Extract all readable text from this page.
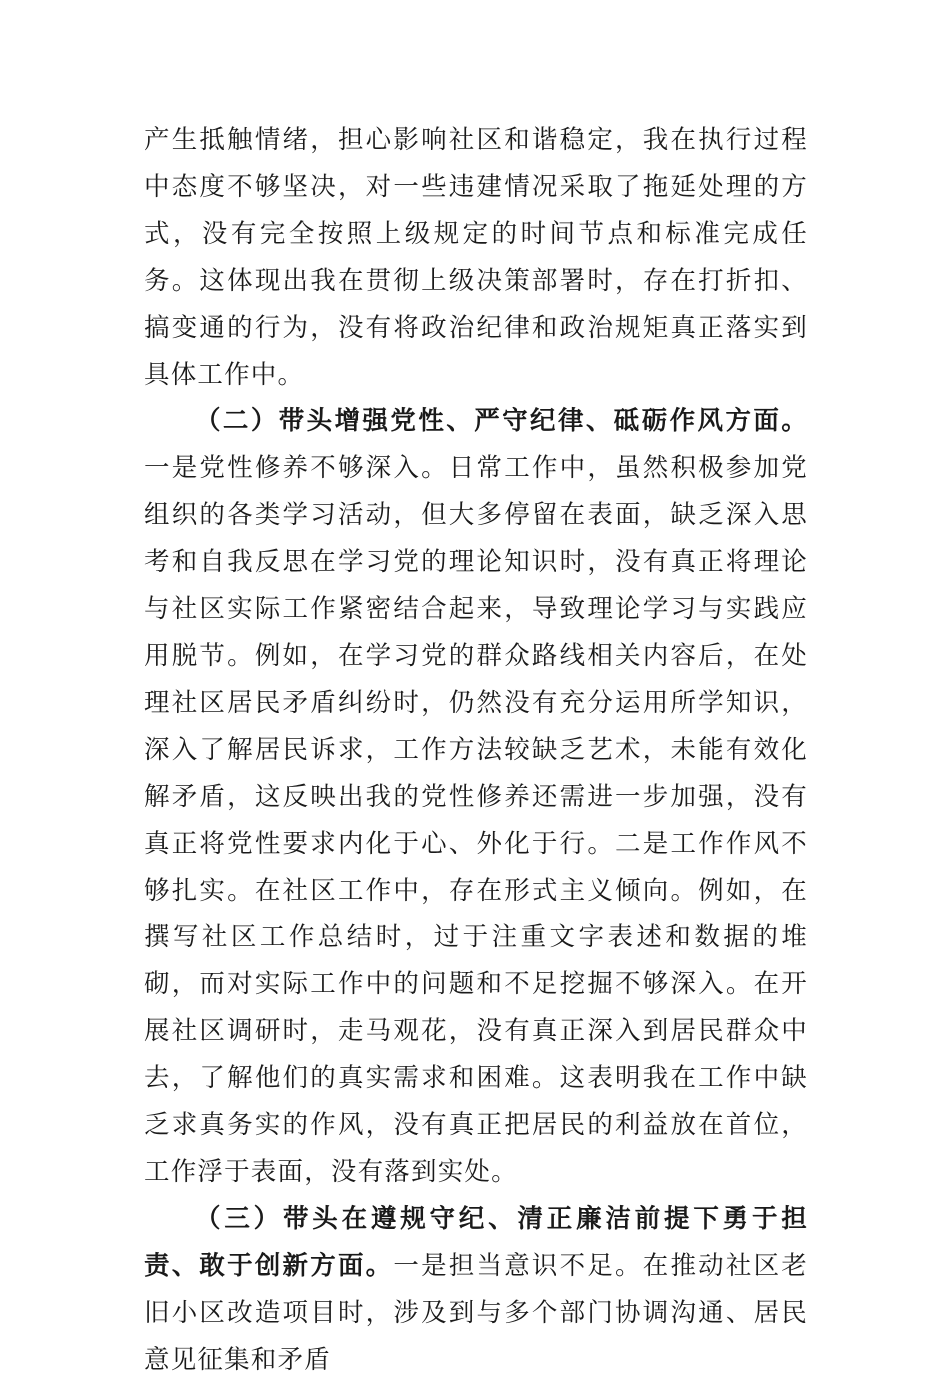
产生抵触情绪，担心影响社区和谐稳定，我在执行过程中态度不够坚决，对一些违建情况采取了拖延处理的方式，没有完全按照上级规定的时间节点和标准完成任务。这体现出我在贯彻上级决策部署时，存在打折扣、搞变通的行为，没有将政治纪律和政治规矩真正落实到具体工作中。

（二）带头增强党性、严守纪律、砥砺作风方面。一是党性修养不够深入。日常工作中，虽然积极参加党组织的各类学习活动，但大多停留在表面，缺乏深入思考和自我反思在学习党的理论知识时，没有真正将理论与社区实际工作紧密结合起来，导致理论学习与实践应用脱节。例如，在学习党的群众路线相关内容后，在处理社区居民矛盾纠纷时，仍然没有充分运用所学知识，深入了解居民诉求，工作方法较缺乏艺术，未能有效化解矛盾，这反映出我的党性修养还需进一步加强，没有真正将党性要求内化于心、外化于行。二是工作作风不够扎实。在社区工作中，存在形式主义倾向。例如，在撰写社区工作总结时，过于注重文字表述和数据的堆砌，而对实际工作中的问题和不足挖掘不够深入。在开展社区调研时，走马观花，没有真正深入到居民群众中去，了解他们的真实需求和困难。这表明我在工作中缺乏求真务实的作风，没有真正把居民的利益放在首位，工作浮于表面，没有落到实处。

（三）带头在遵规守纪、清正廉洁前提下勇于担责、敢于创新方面。一是担当意识不足。在推动社区老旧小区改造项目时，涉及到与多个部门协调沟通、居民意见征集和矛盾
